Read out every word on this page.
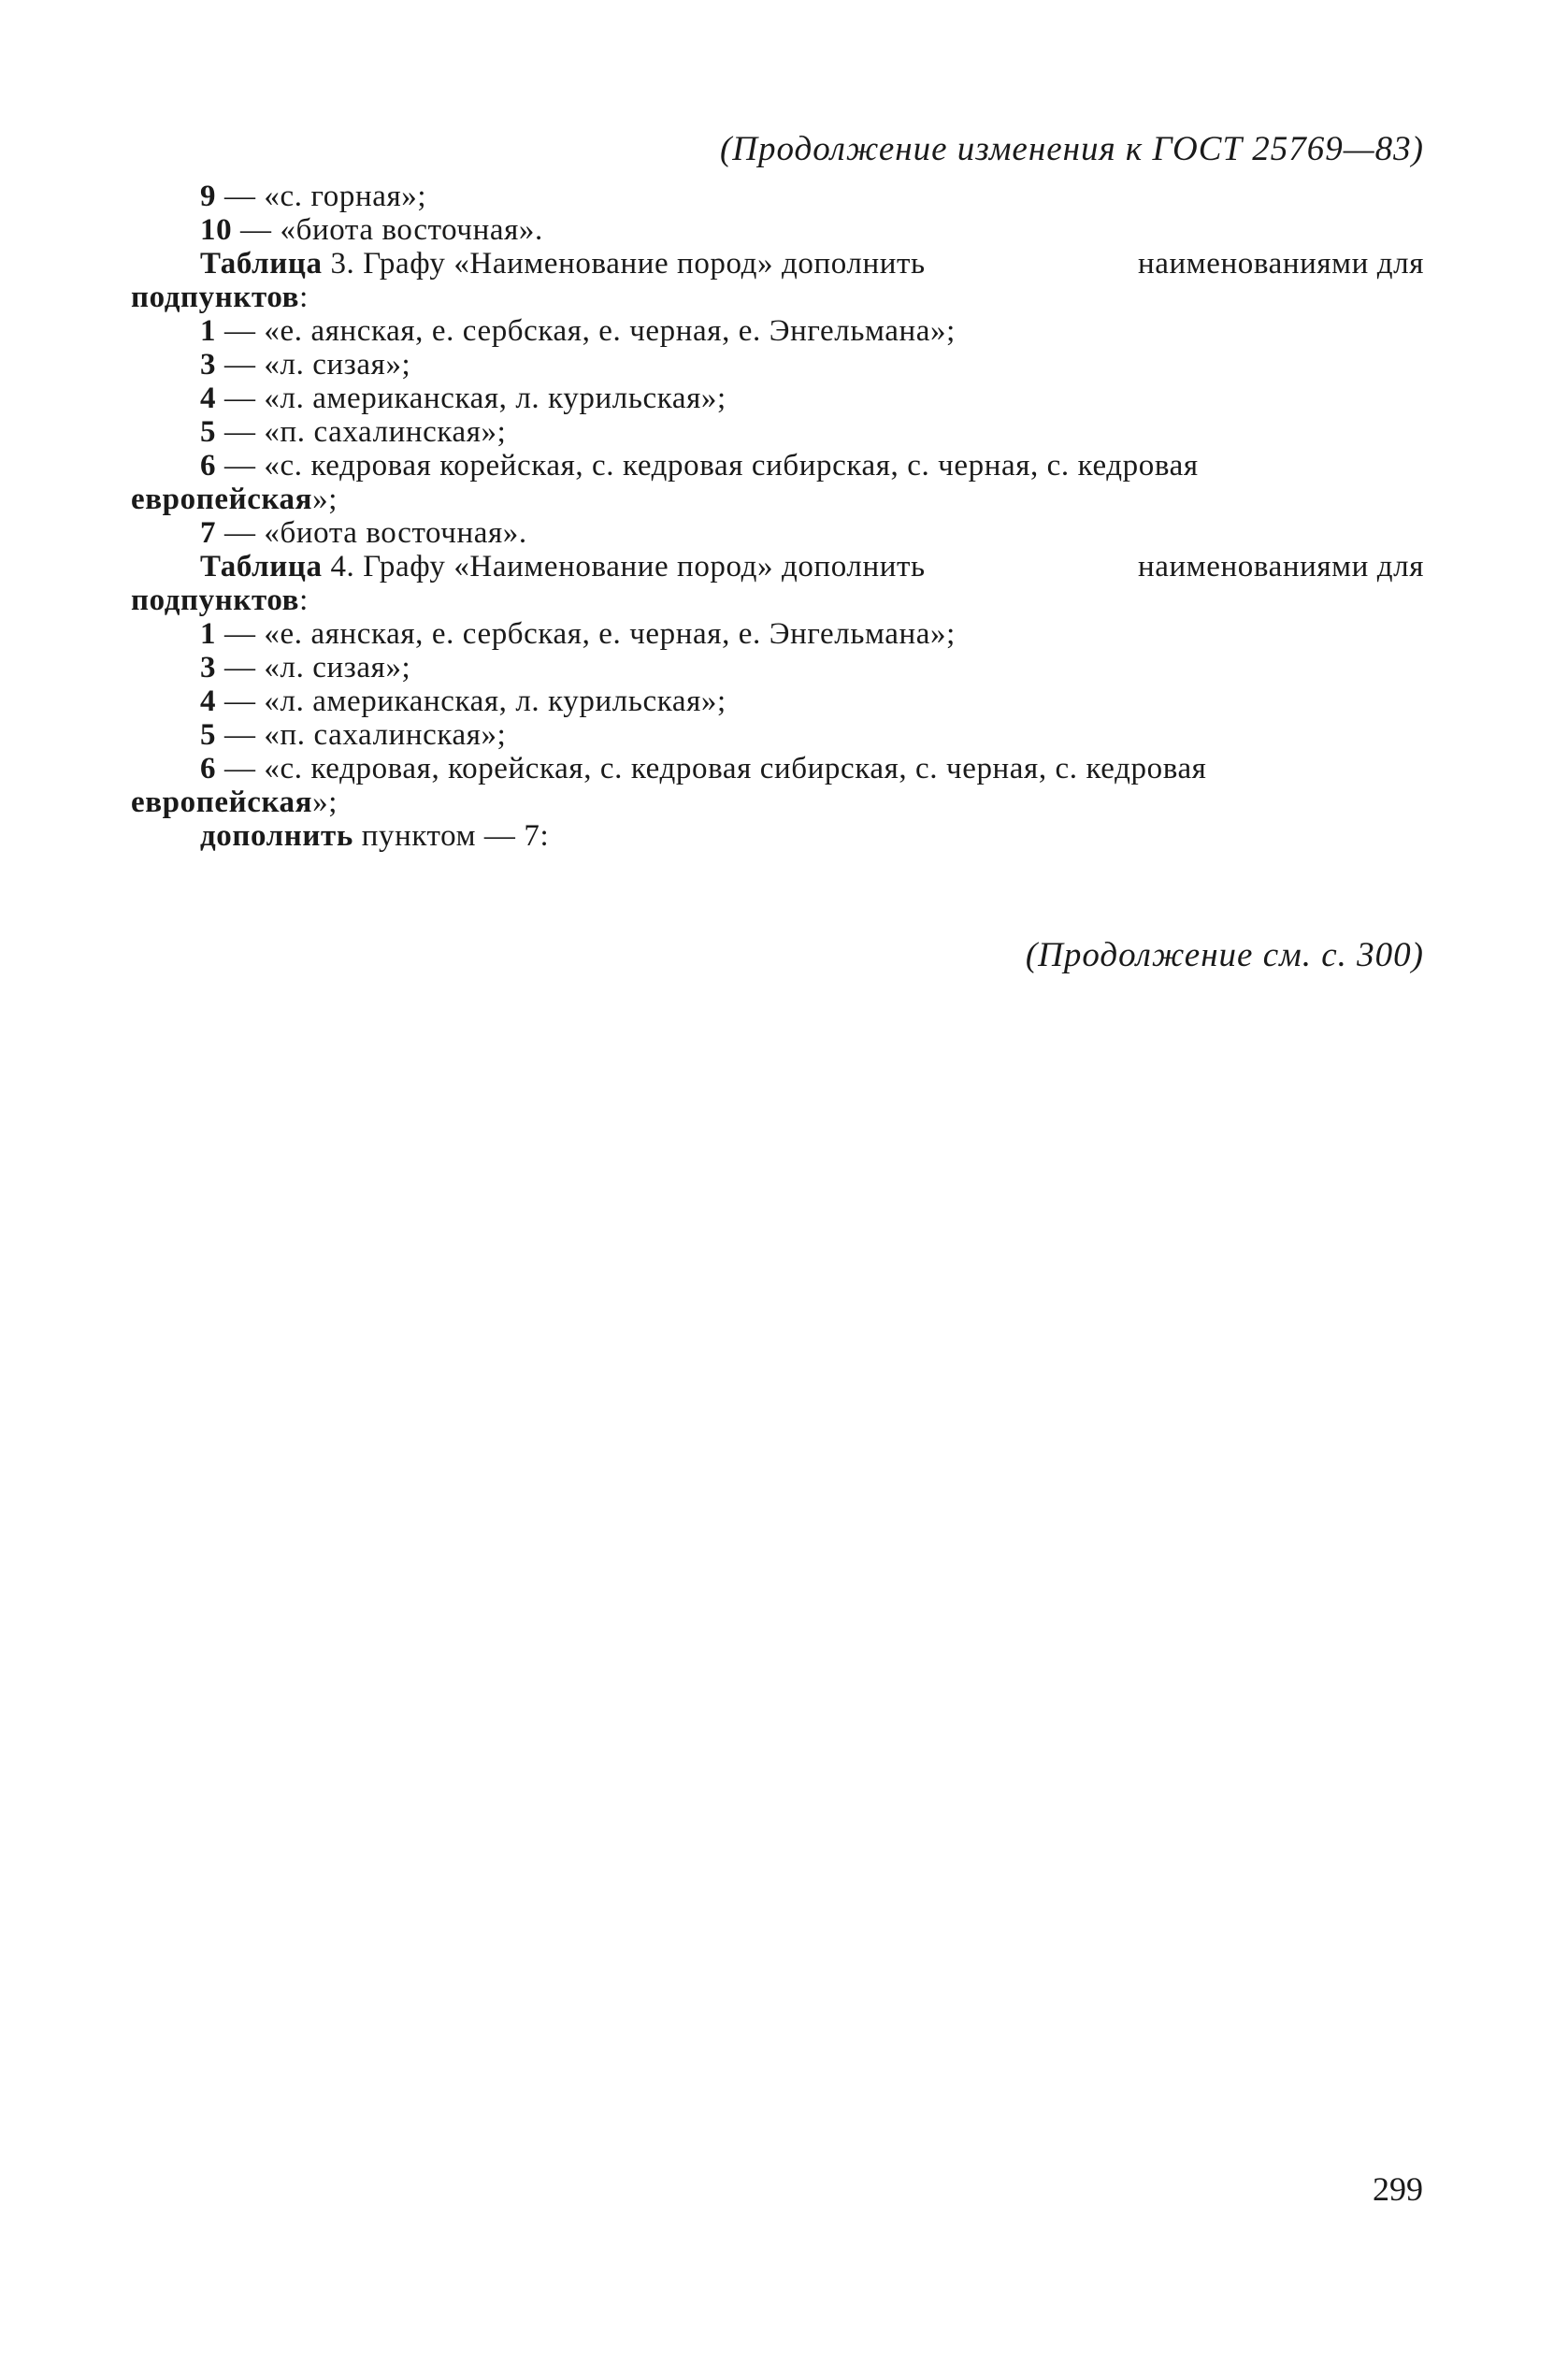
(Продолжение изменения к ГОСТ 25769—83)
9 — «с. горная»;
10 — «биота восточная».
Таблица 3. Графу «Наименование пород» дополнить	наименованиями для
подпунктов:
1 — «е. аянская, е. сербская, е. черная, е. Энгельмана»;
3 — «л. сизая»;
4 — «л. американская, л. курильская»;
5 — «п. сахалинская»;
6 — «с. кедровая корейская, с. кедровая сибирская, с. черная, с. кедровая
европейская»;
7 — «биота восточная».
Таблица 4. Графу «Наименование пород» дополнить	наименованиями для
подпунктов:
1 — «е. аянская, е. сербская, е. черная, е. Энгельмана»;
3 — «л. сизая»;
4 — «л. американская, л. курильская»;
5 — «п. сахалинская»;
6 — «с. кедровая, корейская, с. кедровая сибирская, с. черная, с. кедровая
европейская»;
дополнить пунктом — 7:
(Продолжение см. с. 300)
299
